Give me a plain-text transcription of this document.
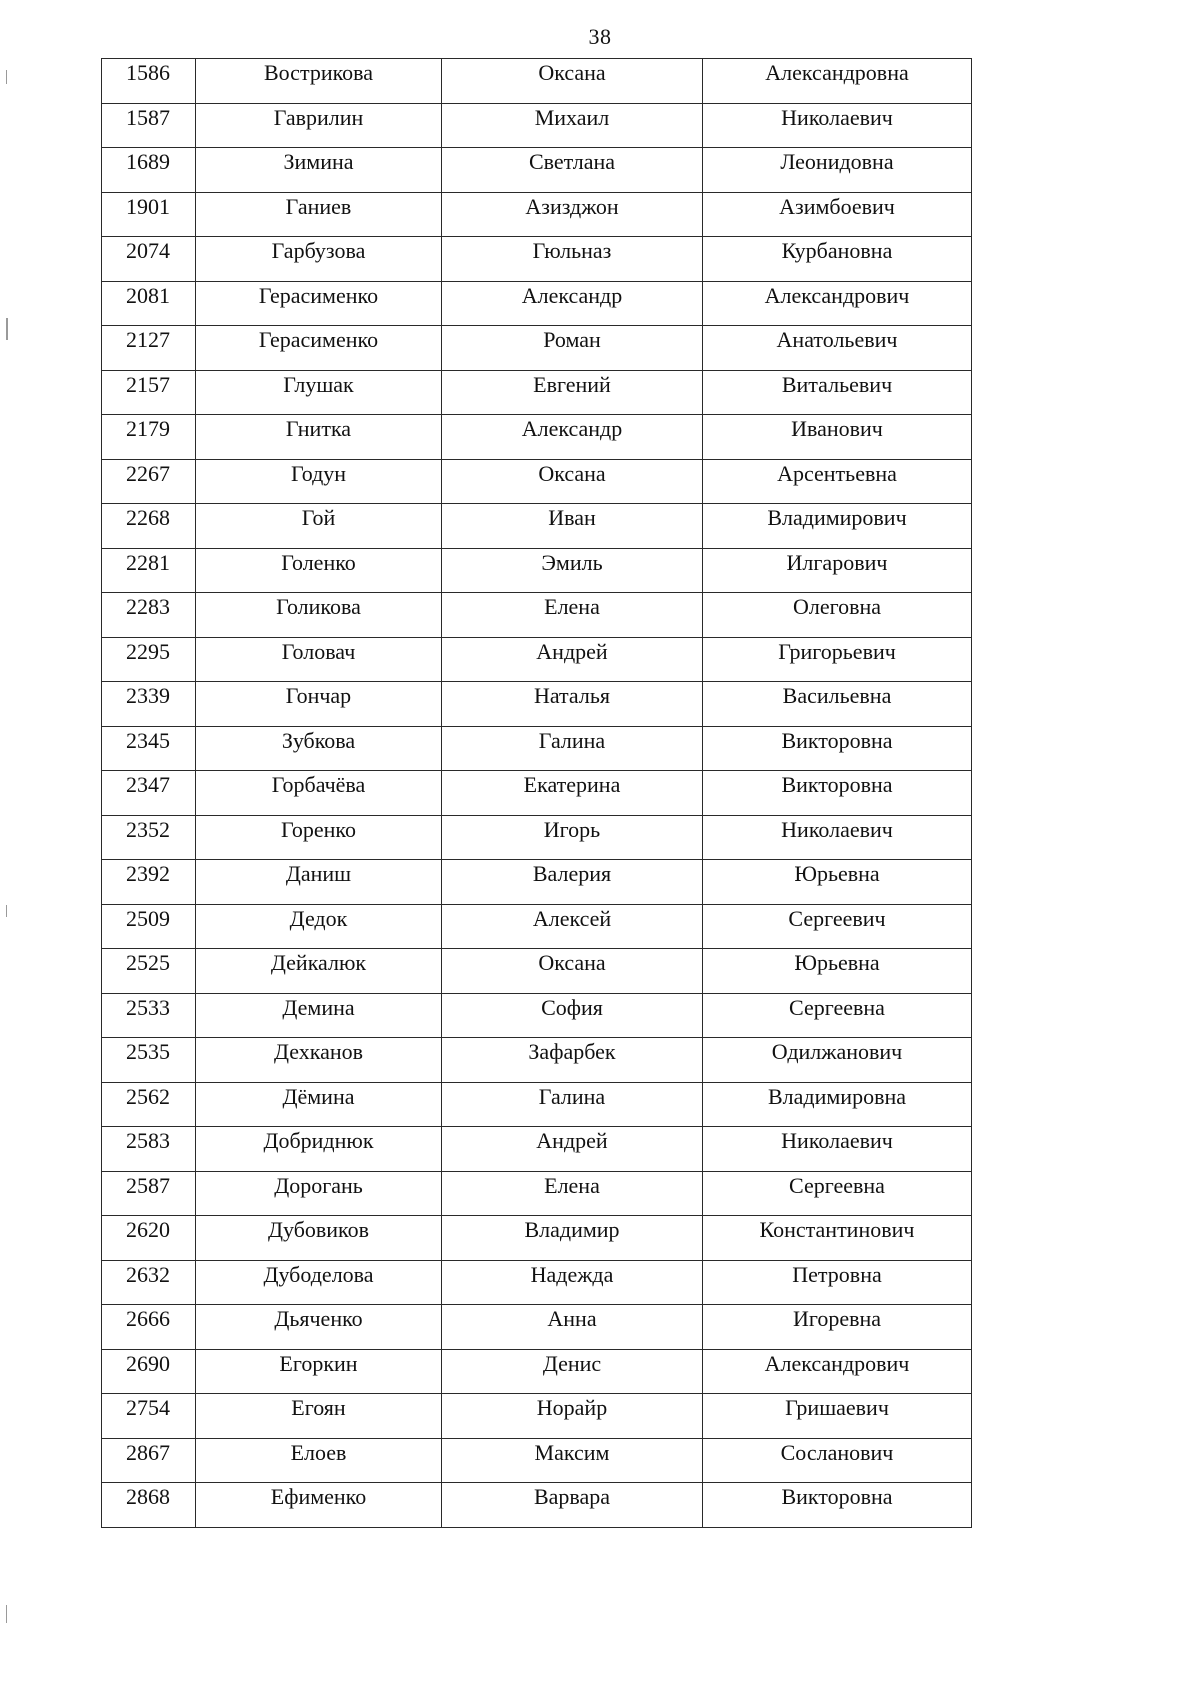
38
1586	Вострикова	Оксана	Александровна
1587	Гаврилин	Михаил	Николаевич
1689	Зимина	Светлана	Леонидовна
1901	Ганиев	Азизджон	Азимбоевич
2074	Гарбузова	Гюльназ	Курбановна
2081	Герасименко	Александр	Александрович
2127	Герасименко	Роман	Анатольевич
2157	Глушак	Евгений	Витальевич
2179	Гнитка	Александр	Иванович
2267	Годун	Оксана	Арсентьевна
2268	Гой	Иван	Владимирович
2281	Голенко	Эмиль	Илгарович
2283	Голикова	Елена	Олеговна
2295	Головач	Андрей	Григорьевич
2339	Гончар	Наталья	Васильевна
2345	Зубкова	Галина	Викторовна
2347	Горбачёва	Екатерина	Викторовна
2352	Горенко	Игорь	Николаевич
2392	Даниш	Валерия	Юрьевна
2509	Дедок	Алексей	Сергеевич
2525	Дейкалюк	Оксана	Юрьевна
2533	Демина	София	Сергеевна
2535	Дехканов	Зафарбек	Одилжанович
2562	Дёмина	Галина	Владимировна
2583	Добриднюк	Андрей	Николаевич
2587	Дорогань	Елена	Сергеевна
2620	Дубовиков	Владимир	Константинович
2632	Дубоделова	Надежда	Петровна
2666	Дьяченко	Анна	Игоревна
2690	Егоркин	Денис	Александрович
2754	Егоян	Норайр	Гришаевич
2867	Елоев	Максим	Сосланович
2868	Ефименко	Варвара	Викторовна
